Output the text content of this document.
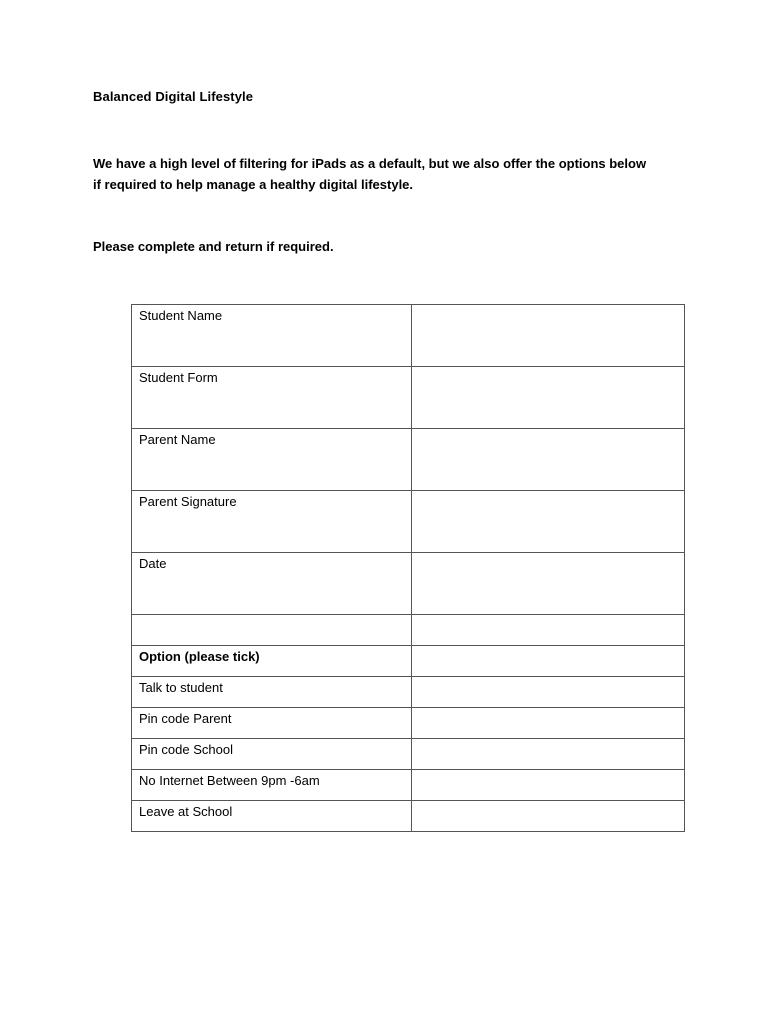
Balanced Digital Lifestyle
We have a high level of filtering for iPads as a default, but we also offer the options below
if required to help manage a healthy digital lifestyle.
Please complete and return if required.
Student Name	

Student Form	

Parent Name	

Parent Signature	

Date	

Option (please tick)	

Talk to student	

Pin code Parent	

Pin code School	

No Internet Between 9pm -6am	

Leave at School	
